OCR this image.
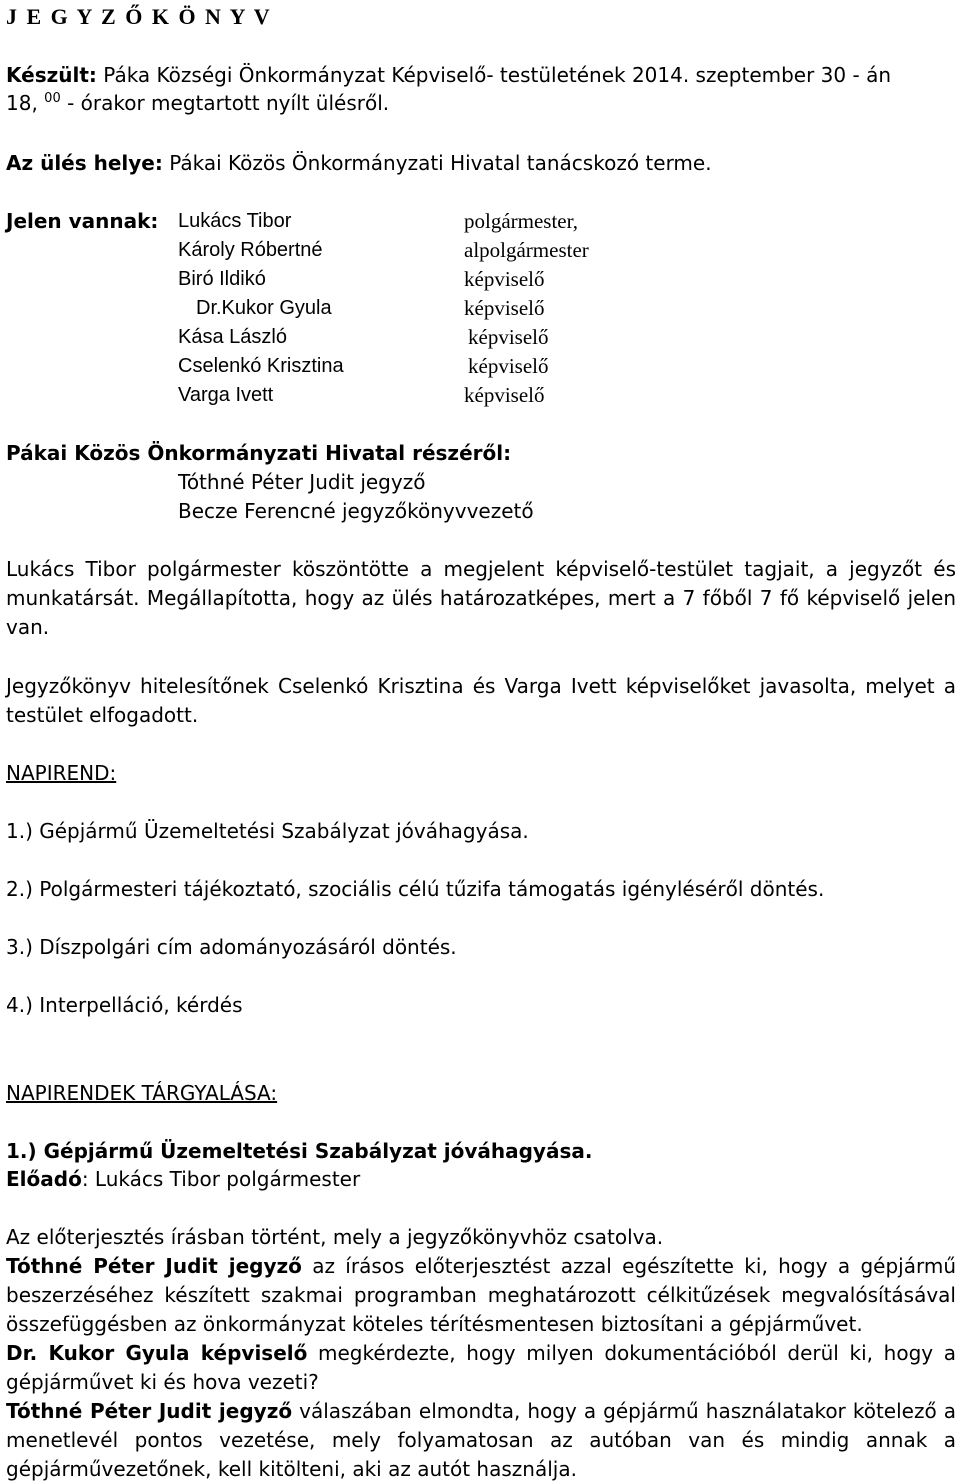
J E G Y Z Ő K Ö N Y V
Készült: Páka Községi Önkormányzat Képviselő- testületének 2014. szeptember 30 - án
18, $^{00}$ - órakor megtartott nyílt ülésről.
Az ülés helye: Pákai Közös Önkormányzati Hivatal tanácskozó terme.
Jelen vannak: Lukács Tibor	polgármester,
Károly Róbertné	alpolgármester
Biró Ildikó	képviselő
Dr.Kukor Gyula	képviselő
Kása László	képviselő
Cselenkó Krisztina	képviselő
Varga Ivett	képviselő
Pákai Közös Önkormányzati Hivatal részéről:
Tóthné Péter Judit jegyző
Becze Ferencné jegyzőkönyvvezető
Lukács Tibor polgármester köszöntötte a megjelent képviselő-testület tagjait, a jegyzőt és
munkatársát. Megállapította, hogy az ülés határozatképes, mert a 7 főből 7 fő képviselő jelen
van.
Jegyzőkönyv hitelesítőnek Cselenkó Krisztina és Varga Ivett képviselőket javasolta, melyet a
testület elfogadott.
NAPIREND:
1.) Gépjármű Üzemeltetési Szabályzat jóváhagyása.
2.) Polgármesteri tájékoztató, szociális célú tűzifa támogatás igényléséről döntés.
3.) Díszpolgári cím adományozásáról döntés.
4.) Interpelláció, kérdés
NAPIRENDEK TÁRGYALÁSA:
1.) Gépjármű Üzemeltetési Szabályzat jóváhagyása.
Előadó: Lukács Tibor polgármester
Az előterjesztés írásban történt, mely a jegyzőkönyvhöz csatolva.
Tóthné Péter Judit jegyző az írásos előterjesztést azzal egészítette ki, hogy a gépjármű
beszerzéséhez készített szakmai programban meghatározott célkitűzések megvalósításával
összefüggésben az önkormányzat köteles térítésmentesen biztosítani a gépjárművet.
Dr. Kukor Gyula képviselő megkérdezte, hogy milyen dokumentációból derül ki, hogy a
gépjárművet ki és hova vezeti?
Tóthné Péter Judit jegyző válaszában elmondta, hogy a gépjármű használatakor kötelező a
menetlevél pontos vezetése, mely folyamatosan az autóban van és mindig annak a
gépjárművezetőnek, kell kitölteni, aki az autót használja.
